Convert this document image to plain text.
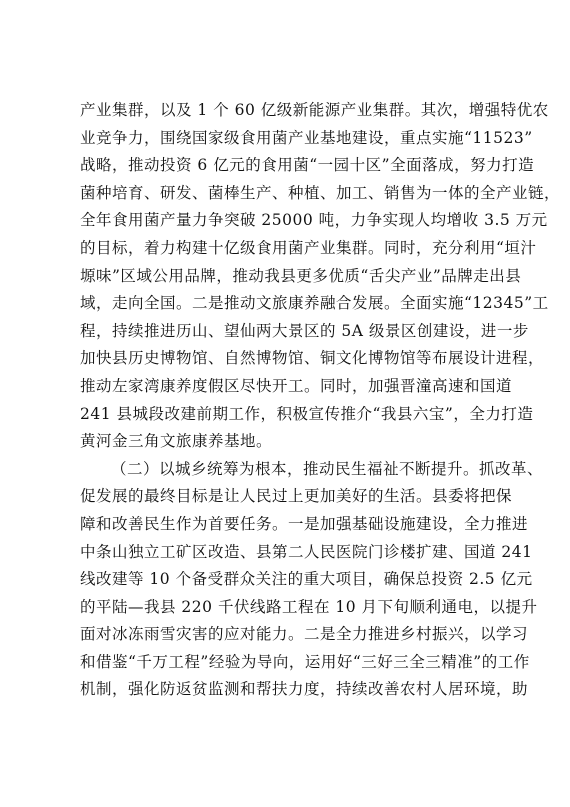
产业集群，以及 1 个 60 亿级新能源产业集群。其次，增强特优农
业竞争力，围绕国家级食用菌产业基地建设，重点实施“11523”
战略，推动投资 6 亿元的食用菌“一园十区”全面落成，努力打造
菌种培育、研发、菌棒生产、种植、加工、销售为一体的全产业链，
全年食用菌产量力争突破 25000 吨，力争实现人均增收 3.5 万元
的目标，着力构建十亿级食用菌产业集群。同时，充分利用“垣汁
塬味”区域公用品牌，推动我县更多优质“舌尖产业”品牌走出县
域，走向全国。二是推动文旅康养融合发展。全面实施“12345”工
程，持续推进历山、望仙两大景区的 5A 级景区创建设，进一步
加快县历史博物馆、自然博物馆、铜文化博物馆等布展设计进程，
推动左家湾康养度假区尽快开工。同时，加强晋潼高速和国道
241 县城段改建前期工作，积极宣传推介“我县六宝”，全力打造
黄河金三角文旅康养基地。
（二）以城乡统筹为根本，推动民生福祉不断提升。抓改革、
促发展的最终目标是让人民过上更加美好的生活。县委将把保
障和改善民生作为首要任务。一是加强基础设施建设，全力推进
中条山独立工矿区改造、县第二人民医院门诊楼扩建、国道 241
线改建等 10 个备受群众关注的重大项目，确保总投资 2.5 亿元
的平陆—我县 220 千伏线路工程在 10 月下旬顺利通电，以提升
面对冰冻雨雪灾害的应对能力。二是全力推进乡村振兴，以学习
和借鉴“千万工程”经验为导向，运用好“三好三全三精准”的工作
机制，强化防返贫监测和帮扶力度，持续改善农村人居环境，助
